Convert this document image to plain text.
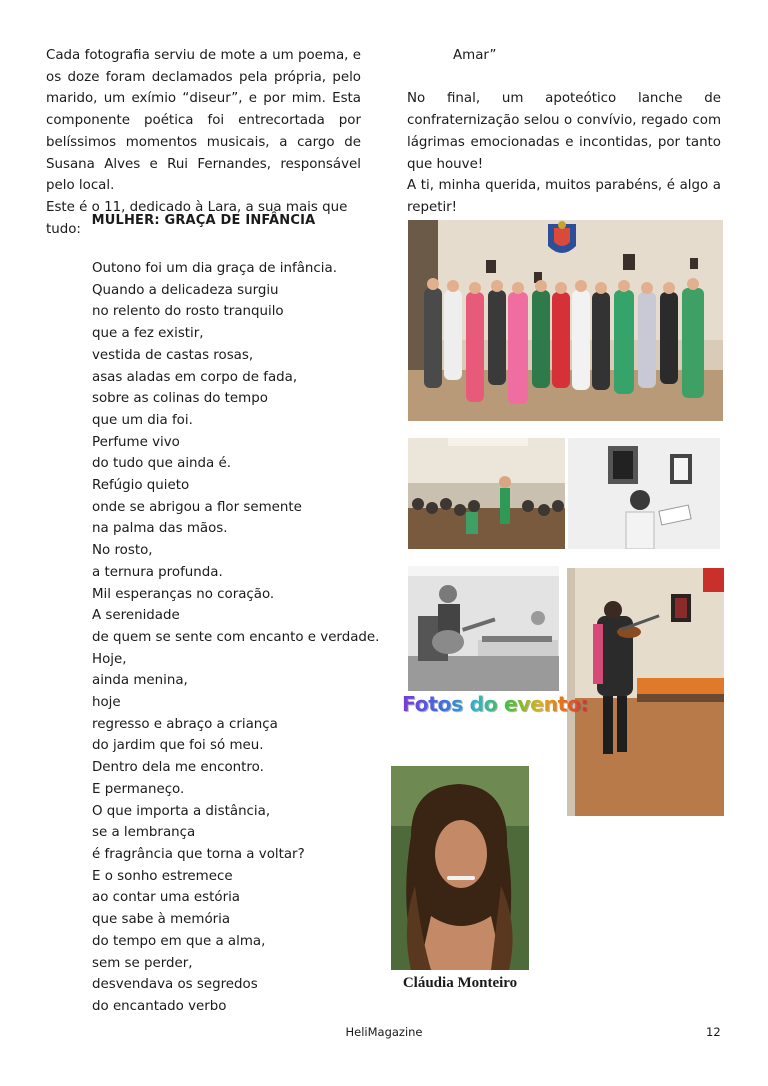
Cada fotografia serviu de mote a um poema, e os doze foram declamados pela própria, pelo marido, um exímio “diseur”, e por mim. Esta componente poética foi entrecortada por belíssimos momentos musicais, a cargo de Susana Alves e Rui Fernandes, responsável pelo local.
Este é o 11, dedicado à Lara, a sua mais que tudo:
MULHER: GRAÇA DE INFÂNCIA
Outono foi um dia graça de infância.
Quando a delicadeza surgiu
no relento do rosto tranquilo
que a fez existir,
vestida de castas rosas,
asas aladas em corpo de fada,
sobre as colinas do tempo
que um dia foi.
Perfume vivo
do tudo que ainda é.
Refúgio quieto
onde se abrigou a flor semente
na palma das mãos.
No rosto,
a ternura profunda.
Mil esperanças no coração.
A serenidade
de quem se sente com encanto e verdade.
Hoje,
ainda menina,
hoje
regresso e abraço a criança
do jardim que foi só meu.
Dentro dela me encontro.
E permaneço.
O que importa a distância,
se a lembrança
é fragrância que torna a voltar?
E o sonho estremece
ao contar uma estória
que sabe à memória
do tempo em que a alma,
sem se perder,
desvendava os segredos
do encantado verbo
Amar”
No final, um apoteótico lanche de confraternização selou o convívio, regado com lágrimas emocionadas e incontidas, por tanto que houve!
A ti, minha querida, muitos parabéns, é algo a repetir!
Fotos do evento:
Cláudia Monteiro
HeliMagazine	12
